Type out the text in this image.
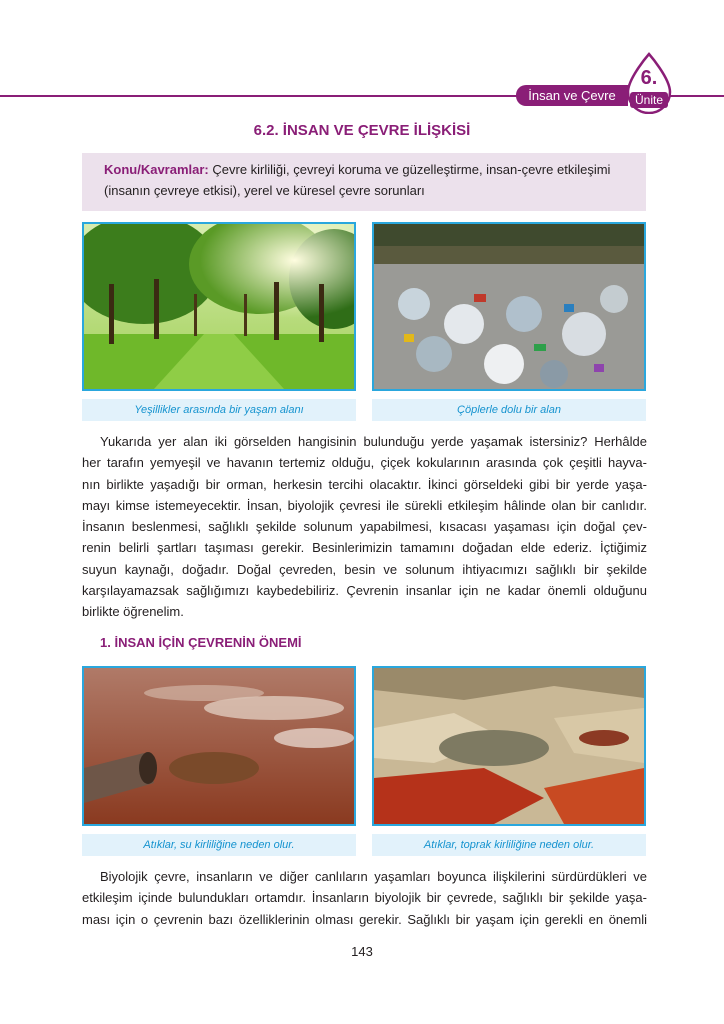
İnsan ve Çevre
6.
Ünite
6.2. İNSAN VE ÇEVRE İLİŞKİSİ
Konu/Kavramlar: Çevre kirliliği, çevreyi koruma ve güzelleştirme, insan-çevre etkileşimi
(insanın çevreye etkisi), yerel ve küresel çevre sorunları
Yeşillikler arasında bir yaşam alanı	Çöplerle dolu bir alan
Yukarıda yer alan iki görselden hangisinin bulunduğu yerde yaşamak istersiniz? Herhâlde
her tarafın yemyeşil ve havanın tertemiz olduğu, çiçek kokularının arasında çok çeşitli hayva-
nın birlikte yaşadığı bir orman, herkesin tercihi olacaktır. İkinci görseldeki gibi bir yerde yaşa-
mayı kimse istemeyecektir. İnsan, biyolojik çevresi ile sürekli etkileşim hâlinde olan bir canlıdır.
İnsanın beslenmesi, sağlıklı şekilde solunum yapabilmesi, kısacası yaşaması için doğal çev-
renin belirli şartları taşıması gerekir. Besinlerimizin tamamını doğadan elde ederiz. İçtiğimiz
suyun kaynağı, doğadır. Doğal çevreden, besin ve solunum ihtiyacımızı sağlıklı bir şekilde
karşılayamazsak sağlığımızı kaybedebiliriz. Çevrenin insanlar için ne kadar önemli olduğunu
birlikte öğrenelim.
1. İNSAN İÇİN ÇEVRENİN ÖNEMİ
Atıklar, su kirliliğine neden olur.	Atıklar, toprak kirliliğine neden olur.
Biyolojik çevre, insanların ve diğer canlıların yaşamları boyunca ilişkilerini sürdürdükleri ve
etkileşim içinde bulundukları ortamdır. İnsanların biyolojik bir çevrede, sağlıklı bir şekilde yaşa-
ması için o çevrenin bazı özelliklerinin olması gerekir. Sağlıklı bir yaşam için gerekli en önemli
143
